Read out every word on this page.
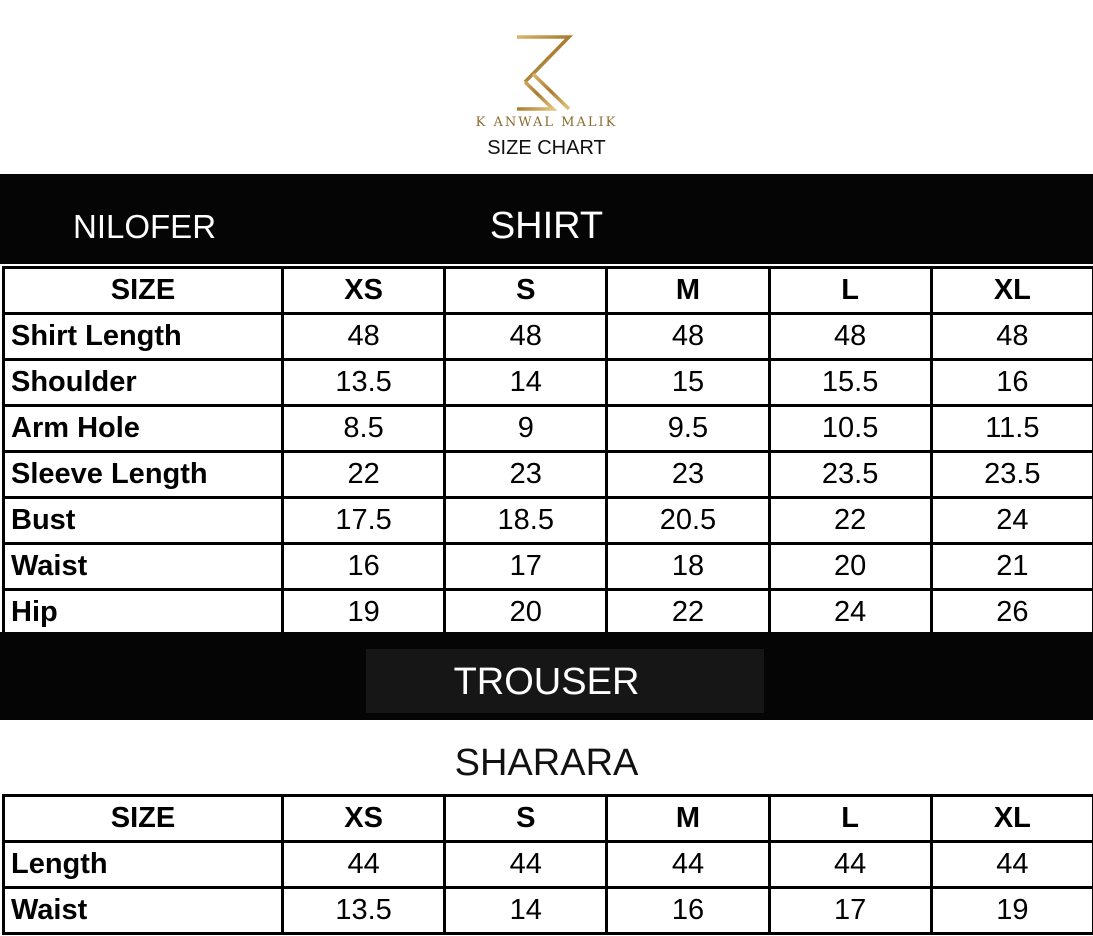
K ANWAL MALIK
SIZE CHART
NILOFER	SHIRT
SIZE	XS	S	M	L	XL
Shirt Length	48	48	48	48	48
Shoulder	13.5	14	15	15.5	16
Arm Hole	8.5	9	9.5	10.5	11.5
Sleeve Length	22	23	23	23.5	23.5
Bust	17.5	18.5	20.5	22	24
Waist	16	17	18	20	21
Hip	19	20	22	24	26
TROUSER
SHARARA
SIZE	XS	S	M	L	XL
Length	44	44	44	44	44
Waist	13.5	14	16	17	19
